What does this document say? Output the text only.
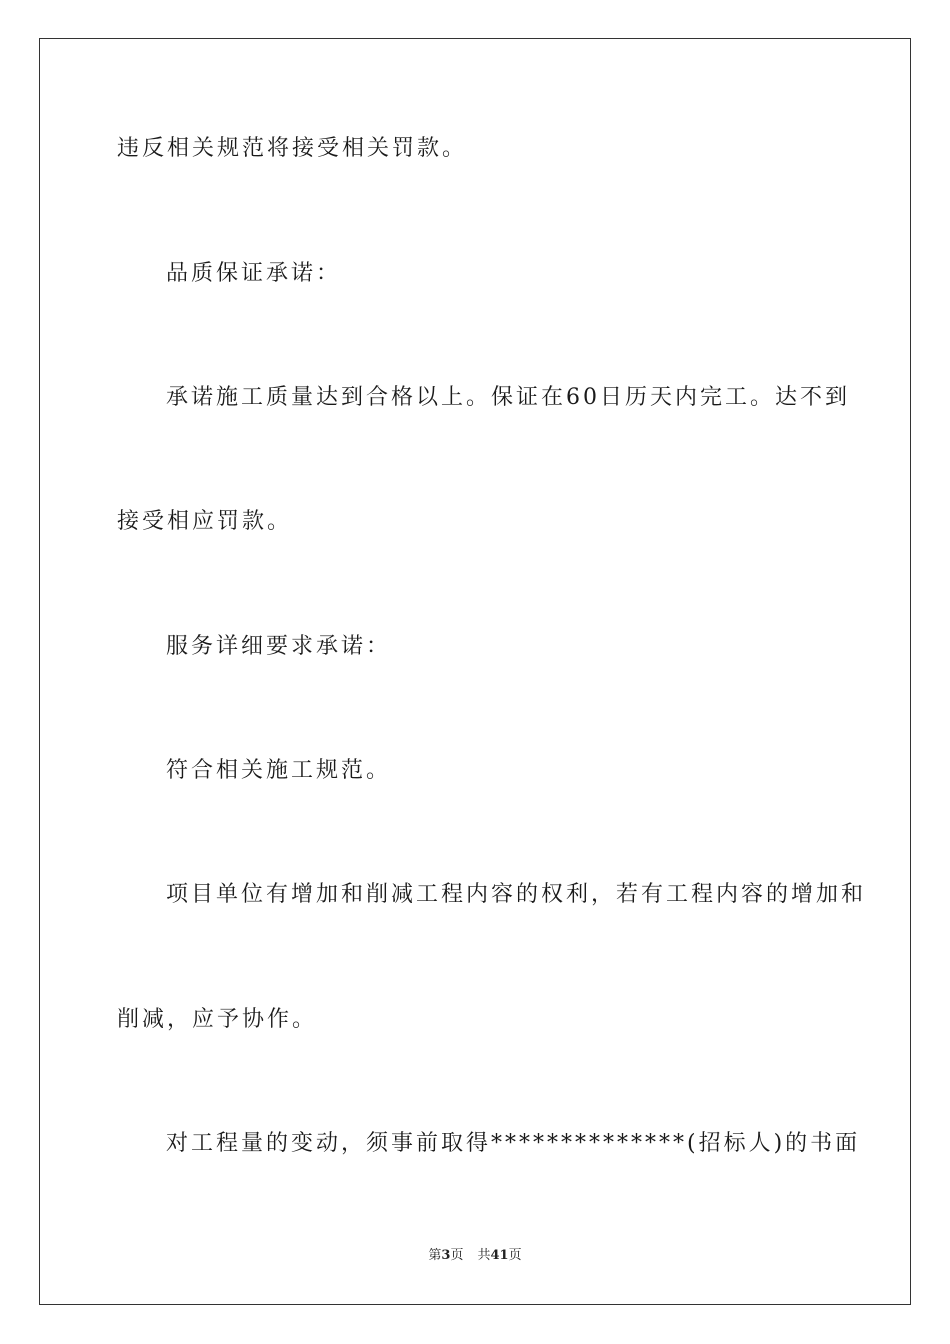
违反相关规范将接受相关罚款。
品质保证承诺：
承诺施工质量达到合格以上。保证在60日历天内完工。达不到
接受相应罚款。
服务详细要求承诺：
符合相关施工规范。
项目单位有增加和削减工程内容的权利，若有工程内容的增加和
削减，应予协作。
对工程量的变动，须事前取得**************(招标人)的书面
第3页 共41页
